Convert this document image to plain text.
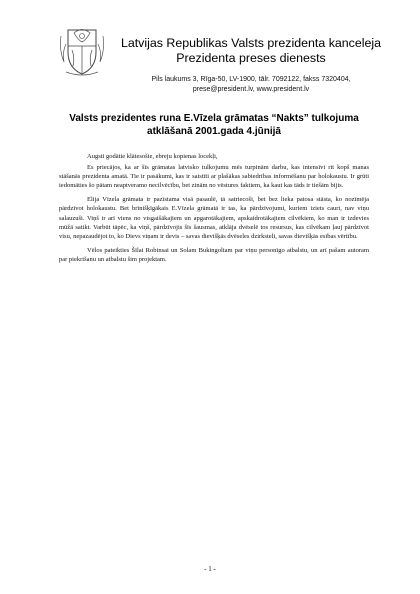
Latvijas Republikas Valsts prezidenta kanceleja

Prezidenta preses dienests

Pils laukums 3, Rīga-50, LV-1900, tālr. 7092122, fakss 7320404,
prese@president.lv, www.president.lv
Valsts prezidentes runa E.Vīzela grāmatas “Nakts” tulkojuma
atklāšanā 2001.gada 4.jūnijā

Augsti godātie klātesošie, ebreju kopienas locekļi,

Es priecājos, ka ar šīs grāmatas latvisko tulkojumu mēs turpinām darbu, kas intensīvi rit kopš manas stāšanās prezidenta amatā. Tie ir pasākumi, kas ir saistīti ar plašākas sabiedrības informēšanu par holokaustu. Ir grūti iedomāties šo pātam neaptveramo necilvēcību, bet zinām no vēstures faktiem, ka kaut kas tāds ir tiešām bijis.

Elija Vīzela grāmata ir pazīstama visā pasaulē, tā satriecoši, bet bez lieka patosa stāsta, ko nozīmēja pārdzīvot holokaustu. Bet brīnišķīgākais E.Vīzela grāmatā ir tas, ka pārdzīvojumi, kuriem iziets cauri, nav viņu salauzuši. Viņš ir arī viens no visgaišākajiem un apgarotākajiem, apskaidrotākajiem cilvēkiem, ko man ir izdevies mūžā satikt. Varbūt tāpēc, ka viņš, pārdzīvojis šīs šausmas, atklāja dvēselē tos resursus, kas cilvēkam ļauj pārdzīvot visu, nepazaudējot to, ko Dievs viņam ir devis – savas dievišķās dvēseles dzirksteli, savas dievišķās esības vērtību.

Vēlos pateikties Šīlai Robinsai un Solam Bukingoltam par viņu personīgo atbalstu, un arī pašam autoram par piekrišanu un atbalstu šim projektam.

- 1 -
